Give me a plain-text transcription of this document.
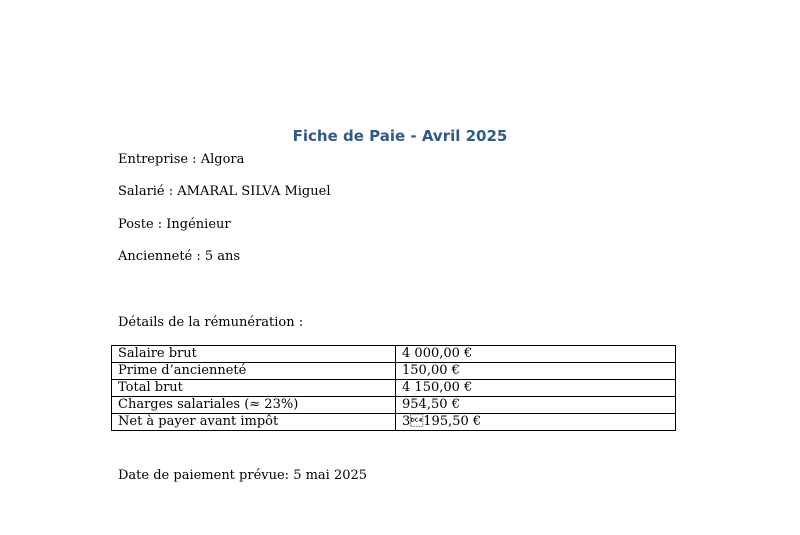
Fiche de Paie - Avril 2025
Entreprise : Algora
Salarié : AMARAL SILVA Miguel
Poste : Ingénieur
Ancienneté : 5 ans
Détails de la rémunération :
Salaire brut	4 000,00 €
Prime d’ancienneté	150,00 €
Total brut	4 150,00 €
Charges salariales (≈ 23%)	954,50 €
Net à payer avant impôt	3195,50 €
Date de paiement prévue: 5 mai 2025
